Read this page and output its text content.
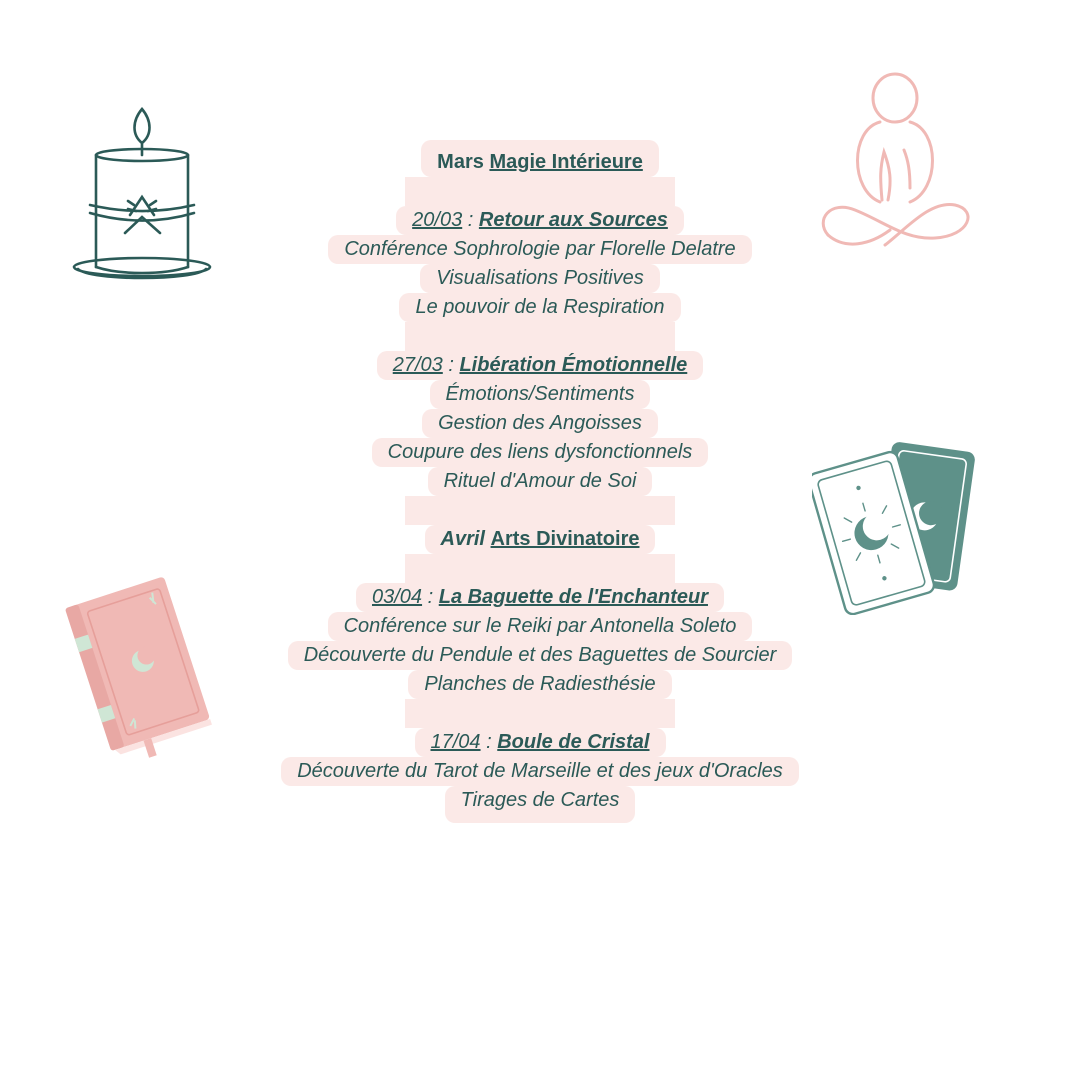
Mars Magie Intérieure
20/03 : Retour aux Sources
Conférence Sophrologie par Florelle Delatre
Visualisations Positives
Le pouvoir de la Respiration
27/03 : Libération Émotionnelle
Émotions/Sentiments
Gestion des Angoisses
Coupure des liens dysfonctionnels
Rituel d'Amour de Soi
Avril Arts Divinatoire
03/04 : La Baguette de l'Enchanteur
Conférence sur le Reiki par Antonella Soleto
Découverte du Pendule et des Baguettes de Sourcier
Planches de Radiesthésie
17/04 : Boule de Cristal
Découverte du Tarot de Marseille et des jeux d'Oracles
Tirages de Cartes
